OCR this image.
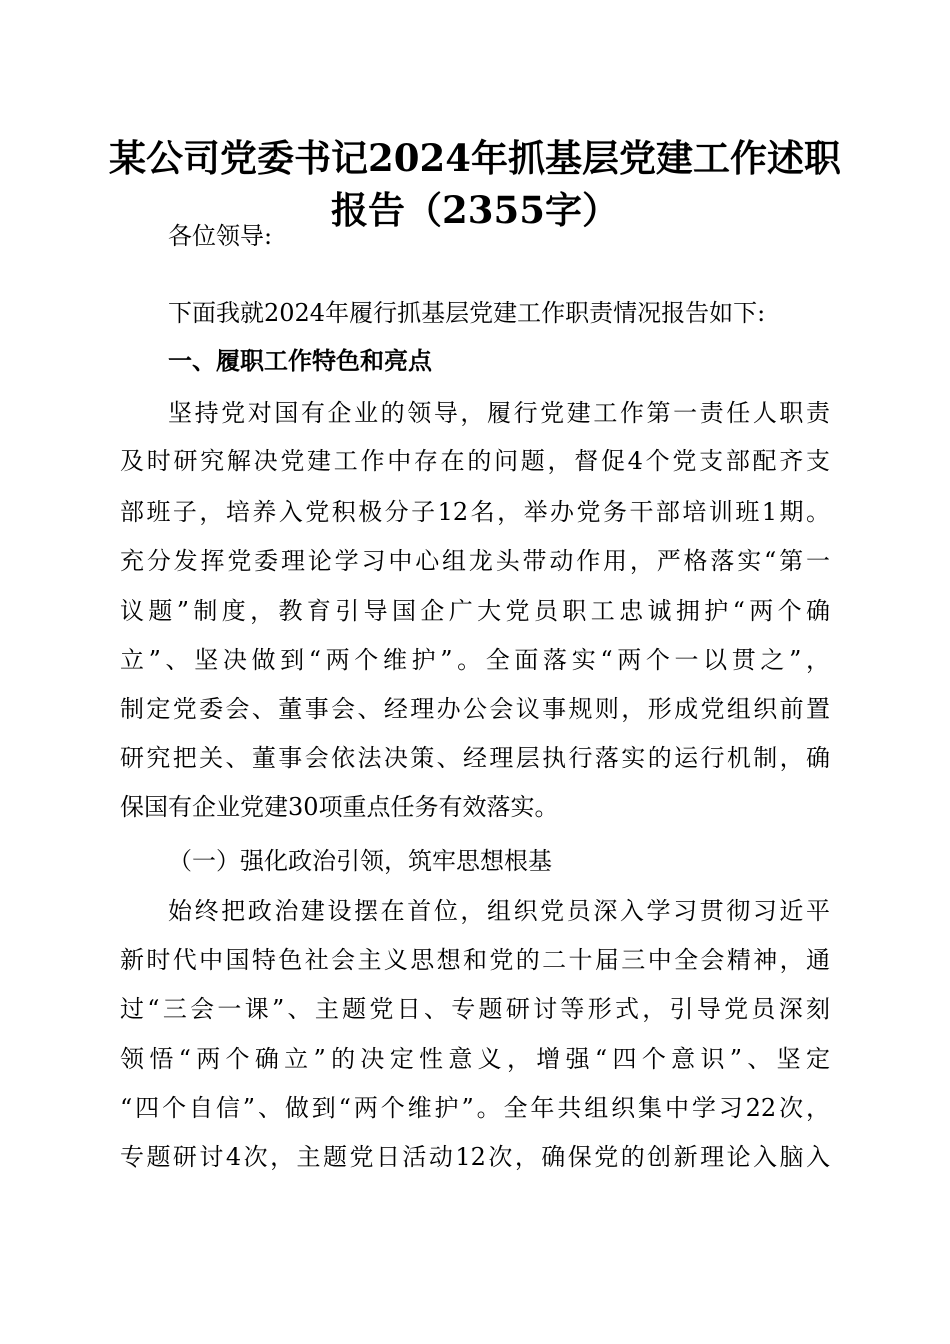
某公司党委书记2024年抓基层党建工作述职
报告（2355字）
各位领导:
下面我就2024年履行抓基层党建工作职责情况报告如下:
一、履职工作特色和亮点
坚持党对国有企业的领导，履行党建工作第一责任人职责
及时研究解决党建工作中存在的问题，督促4个党支部配齐支
部班子，培养入党积极分子12名，举办党务干部培训班1期。
充分发挥党委理论学习中心组龙头带动作用，严格落实“第一
议题”制度，教育引导国企广大党员职工忠诚拥护“两个确
立”、坚决做到“两个维护”。全面落实“两个一以贯之”，
制定党委会、董事会、经理办公会议事规则，形成党组织前置
研究把关、董事会依法决策、经理层执行落实的运行机制，确
保国有企业党建30项重点任务有效落实。
（一）强化政治引领，筑牢思想根基
始终把政治建设摆在首位，组织党员深入学习贯彻习近平
新时代中国特色社会主义思想和党的二十届三中全会精神，通
过“三会一课”、主题党日、专题研讨等形式，引导党员深刻
领悟“两个确立”的决定性意义，增强“四个意识”、坚定
“四个自信”、做到“两个维护”。全年共组织集中学习22次，
专题研讨4次，主题党日活动12次，确保党的创新理论入脑入
